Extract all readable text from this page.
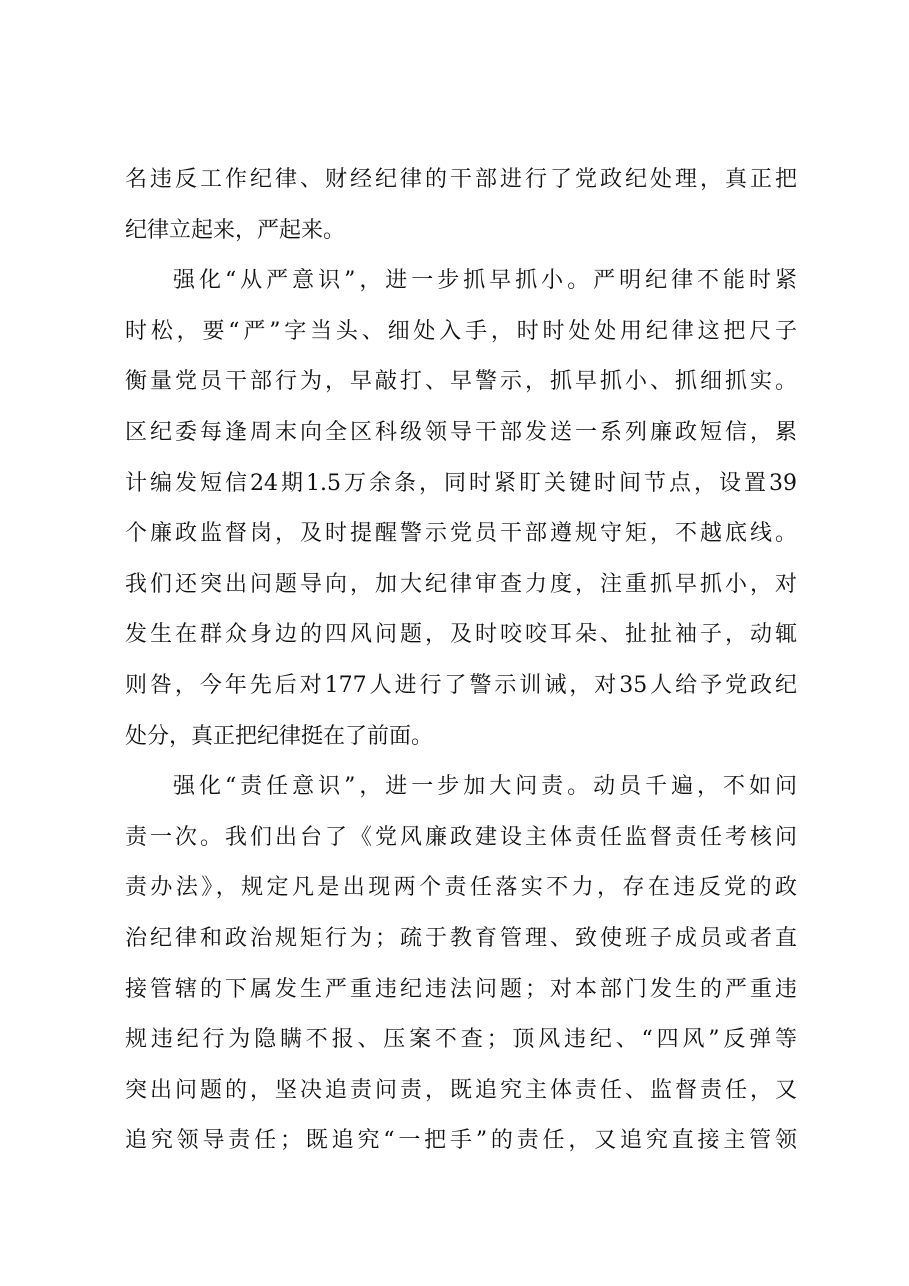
名违反工作纪律、财经纪律的干部进行了党政纪处理，真正把
纪律立起来，严起来。
强化“从严意识”，进一步抓早抓小。严明纪律不能时紧
时松，要“严”字当头、细处入手，时时处处用纪律这把尺子
衡量党员干部行为，早敲打、早警示，抓早抓小、抓细抓实。
区纪委每逢周末向全区科级领导干部发送一系列廉政短信，累
计编发短信24期1.5万余条，同时紧盯关键时间节点，设置39
个廉政监督岗，及时提醒警示党员干部遵规守矩，不越底线。
我们还突出问题导向，加大纪律审查力度，注重抓早抓小，对
发生在群众身边的四风问题，及时咬咬耳朵、扯扯袖子，动辄
则咎，今年先后对177人进行了警示训诫，对35人给予党政纪
处分，真正把纪律挺在了前面。
强化“责任意识”，进一步加大问责。动员千遍，不如问
责一次。我们出台了《党风廉政建设主体责任监督责任考核问
责办法》，规定凡是出现两个责任落实不力，存在违反党的政
治纪律和政治规矩行为；疏于教育管理、致使班子成员或者直
接管辖的下属发生严重违纪违法问题；对本部门发生的严重违
规违纪行为隐瞒不报、压案不查；顶风违纪、“四风”反弹等
突出问题的，坚决追责问责，既追究主体责任、监督责任，又
追究领导责任；既追究“一把手”的责任，又追究直接主管领
